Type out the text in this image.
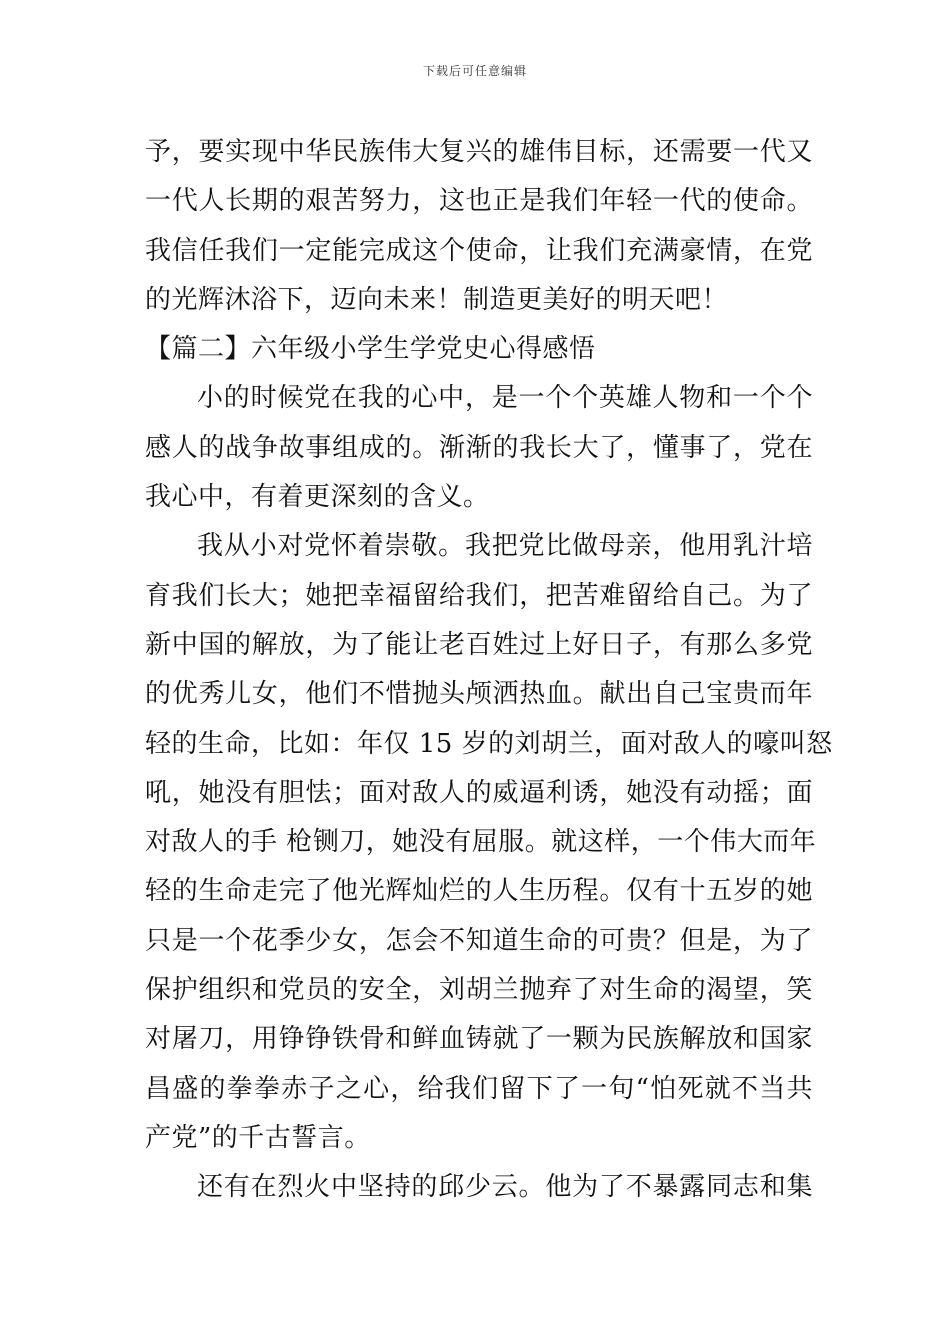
下载后可任意编辑
予，要实现中华民族伟大复兴的雄伟目标，还需要一代又
一代人长期的艰苦努力，这也正是我们年轻一代的使命。
我信任我们一定能完成这个使命，让我们充满豪情，在党
的光辉沐浴下，迈向未来！制造更美好的明天吧！
【篇二】六年级小学生学党史心得感悟
小的时候党在我的心中，是一个个英雄人物和一个个
感人的战争故事组成的。渐渐的我长大了，懂事了，党在
我心中，有着更深刻的含义。
我从小对党怀着崇敬。我把党比做母亲，他用乳汁培
育我们长大；她把幸福留给我们，把苦难留给自己。为了
新中国的解放，为了能让老百姓过上好日子，有那么多党
的优秀儿女，他们不惜抛头颅洒热血。献出自己宝贵而年
轻的生命，比如：年仅 15 岁的刘胡兰，面对敌人的嚎叫怒
吼，她没有胆怯；面对敌人的威逼利诱，她没有动摇；面
对敌人的手 枪铡刀，她没有屈服。就这样，一个伟大而年
轻的生命走完了他光辉灿烂的人生历程。仅有十五岁的她
只是一个花季少女，怎会不知道生命的可贵？但是，为了
保护组织和党员的安全，刘胡兰抛弃了对生命的渴望，笑
对屠刀，用铮铮铁骨和鲜血铸就了一颗为民族解放和国家
昌盛的拳拳赤子之心，给我们留下了一句“怕死就不当共
产党”的千古誓言。
还有在烈火中坚持的邱少云。他为了不暴露同志和集
